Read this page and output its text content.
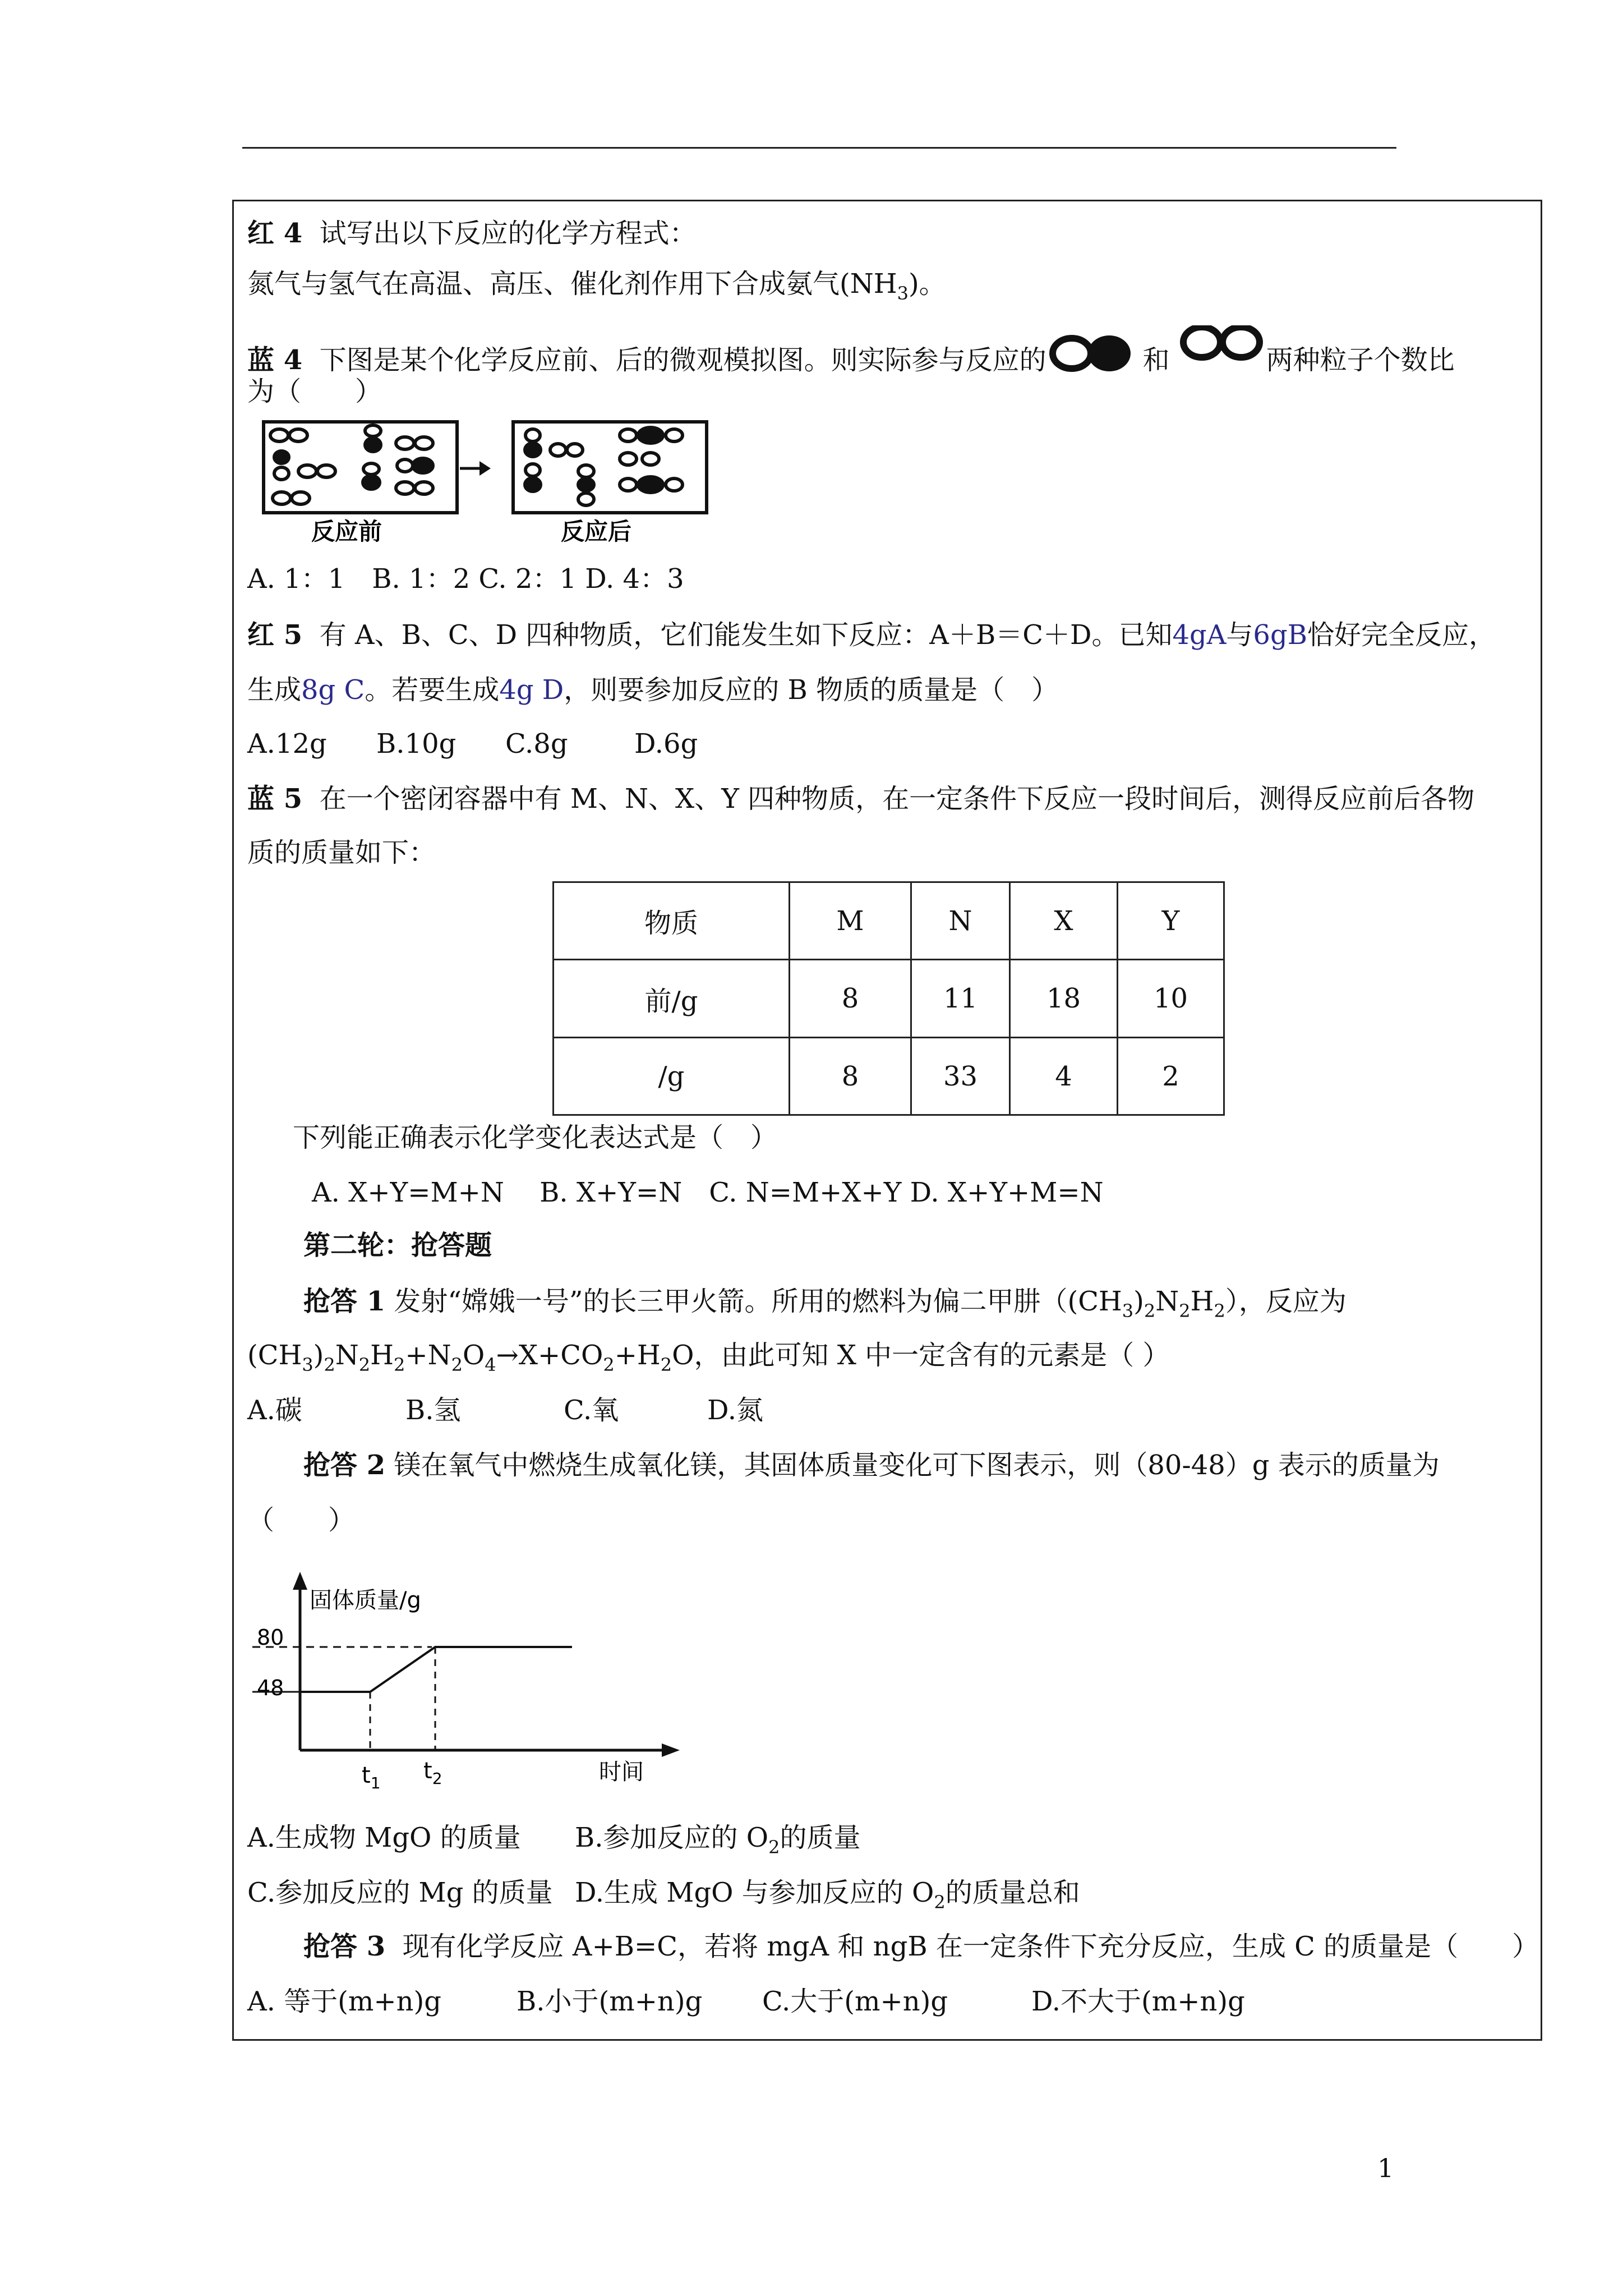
红 4 试写出以下反应的化学方程式：
氮气与氢气在高温、高压、催化剂作用下合成氨气$(NH_3)$。
蓝 4 下图是某个化学反应前、后的微观模拟图。则实际参与反应的	和	两种粒子个数比
为（　　）
反应前	反应后
A. 1：1　B. 1：2 C. 2：1 D. 4：3
红 5 有 A、B、C、D 四种物质，它们能发生如下反应：A＋B＝C＋D。已知4gA与6gB恰好完全反应，
生成8g C。若要生成4g D，则要参加反应的 B 物质的质量是（　）
A.12g B.10g C.8g D.6g
蓝 5 在一个密闭容器中有 M、N、X、Y 四种物质，在一定条件下反应一段时间后，测得反应前后各物
质的质量如下：
物质	M	N	X	Y
前/g	8	11	18	10
/g	8	33	4	2
下列能正确表示化学变化表达式是（　）
A. X+Y=M+N　 B. X+Y=N　C. N=M+X+Y D. X+Y+M=N
第二轮：抢答题
抢答 1 发射“嫦娥一号”的长三甲火箭。所用的燃料为偏二甲肼$((CH_3)_2N_2H_2)$，反应为
$(CH_3)_2N_2H_2+N_2O_4\to X+CO_2+H_2O$，由此可知 X 中一定含有的元素是（ ）
A.碳	B.氢	C.氧	D.氮
抢答 2 镁在氧气中燃烧生成氧化镁，其固体质量变化可下图表示，则（80-48）g 表示的质量为
（　　）
固体质量/g
时间
80
48
$t_1$ $t_2$
A.生成物 MgO 的质量 B.参加反应的 $O_2$的质量
C.参加反应的 Mg 的质量 D.生成 MgO 与参加反应的 $O_2$的质量总和
抢答 3 现有化学反应 A+B=C，若将 mgA 和 ngB 在一定条件下充分反应，生成 C 的质量是（　　）
A. 等于(m+n)g	B.小于(m+n)g C.大于(m+n)g	D.不大于(m+n)g
1
